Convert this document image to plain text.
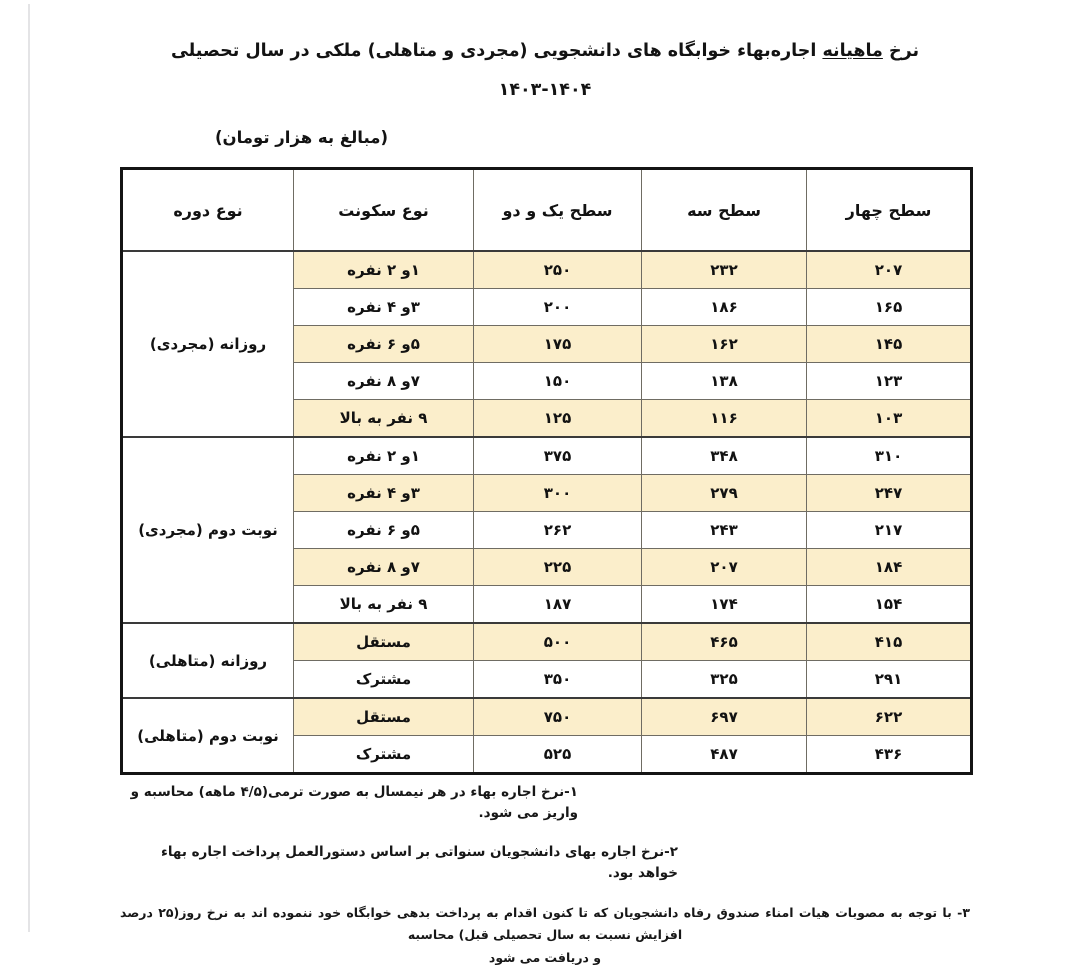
نرخ ماهیانه اجاره‌بهاء خوابگاه های دانشجویی (مجردی و متاهلی) ملکی در سال تحصیلی
۱۴۰۳-۱۴۰۴
(مبالغ به هزار تومان)
سطح چهار	سطح سه	سطح یک و دو	نوع سکونت	نوع دوره
۲۰۷	۲۳۲	۲۵۰	۱و ۲ نفره	روزانه (مجردی)
۱۶۵	۱۸۶	۲۰۰	۳و ۴ نفره	
۱۴۵	۱۶۲	۱۷۵	۵و ۶ نفره	
۱۲۳	۱۳۸	۱۵۰	۷و ۸ نفره	
۱۰۳	۱۱۶	۱۲۵	۹ نفر به بالا	
۳۱۰	۳۴۸	۳۷۵	۱و ۲ نفره	نوبت دوم (مجردی)
۲۴۷	۲۷۹	۳۰۰	۳و ۴ نفره	
۲۱۷	۲۴۳	۲۶۲	۵و ۶ نفره	
۱۸۴	۲۰۷	۲۲۵	۷و ۸ نفره	
۱۵۴	۱۷۴	۱۸۷	۹ نفر به بالا	
۴۱۵	۴۶۵	۵۰۰	مستقل	روزانه (متاهلی)
۲۹۱	۳۲۵	۳۵۰	مشترک	
۶۲۲	۶۹۷	۷۵۰	مستقل	نوبت دوم (متاهلی)
۴۳۶	۴۸۷	۵۲۵	مشترک	
۱-نرخ اجاره بهاء در هر نیمسال به صورت ترمی(۴/۵ ماهه) محاسبه و واریز می شود.
۲-نرخ اجاره بهای دانشجویان سنواتی بر اساس دستورالعمل پرداخت اجاره بهاء خواهد بود.
۳- با توجه به مصوبات هیات امناء صندوق رفاه دانشجویان که تا کنون اقدام به پرداخت بدهی خوابگاه خود ننموده اند به نرخ روز(۲۵ درصد افزایش نسبت به سال تحصیلی قبل) محاسبه
و دریافت می شود
